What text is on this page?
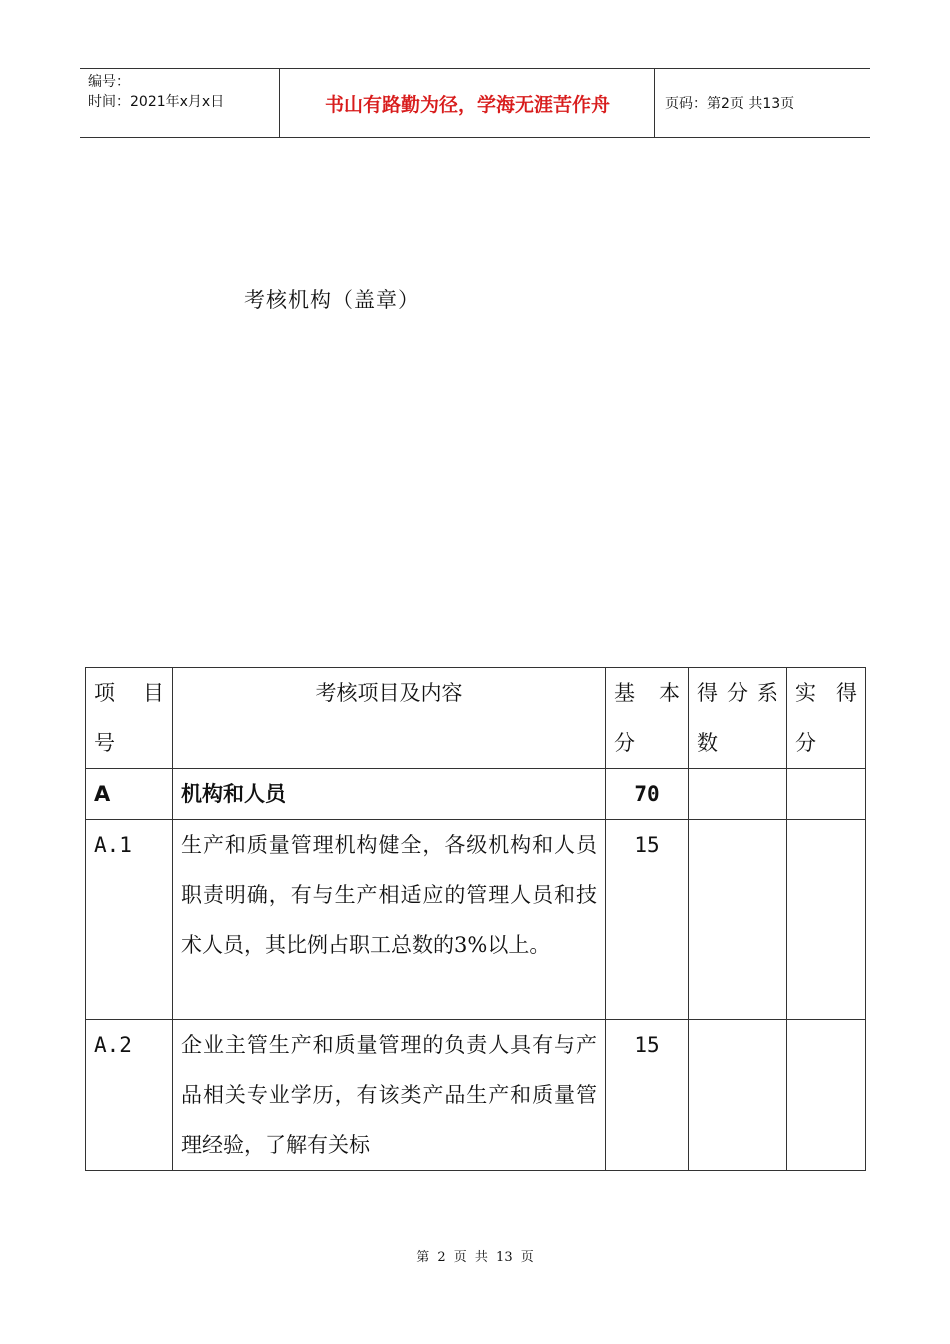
编号：
时间：2021年x月x日	书山有路勤为径，学海无涯苦作舟	页码：第2页 共13页
考核机构（盖章）
项 目 号	考核项目及内容	基 本 分	得分系数	实 得 分
A	机构和人员	70		
A.1	生产和质量管理机构健全，各级机构和人员职责明确，有与生产相适应的管理人员和技术人员，其比例占职工总数的3%以上。	15		
A.2	企业主管生产和质量管理的负责人具有与产品相关专业学历，有该类产品生产和质量管理经验，了解有关标	15		
第 2 页 共 13 页
